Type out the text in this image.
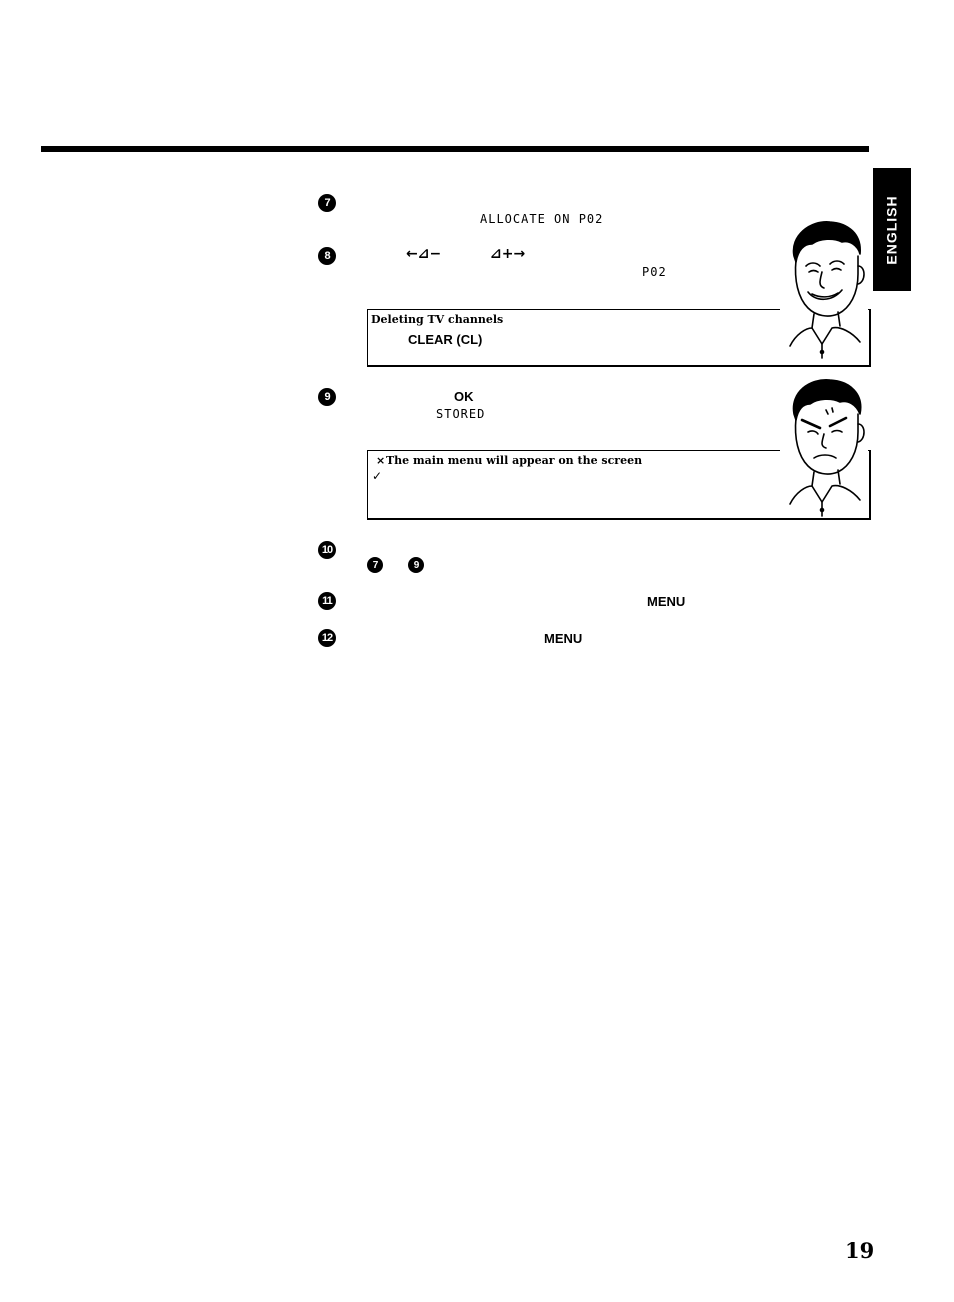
ENGLISH
7
ALLOCATE ON P02
8	←⊿−	⊿+→
P02
Deleting TV channels
CLEAR (CL)
9	OK
STORED
× The main menu will appear on the screen
✓
10
7	9
11	MENU
12	MENU
19
